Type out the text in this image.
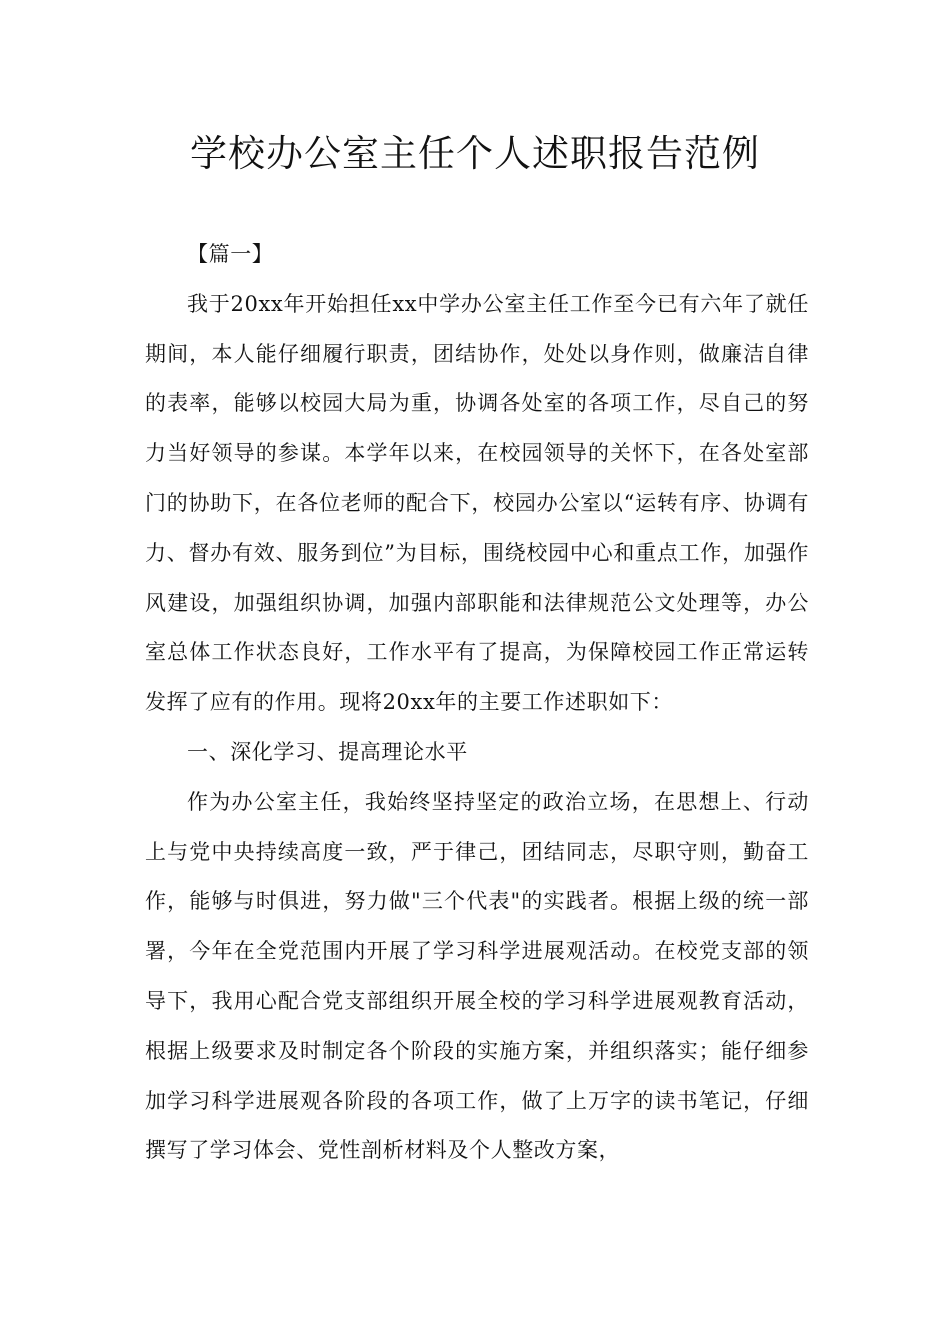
学校办公室主任个人述职报告范例

【篇一】

我于20xx年开始担任xx中学办公室主任工作至今已有六年了就任期间，本人能仔细履行职责，团结协作，处处以身作则，做廉洁自律的表率，能够以校园大局为重，协调各处室的各项工作，尽自己的努力当好领导的参谋。本学年以来，在校园领导的关怀下，在各处室部门的协助下，在各位老师的配合下，校园办公室以“运转有序、协调有力、督办有效、服务到位”为目标，围绕校园中心和重点工作，加强作风建设，加强组织协调，加强内部职能和法律规范公文处理等，办公室总体工作状态良好，工作水平有了提高，为保障校园工作正常运转发挥了应有的作用。现将20xx年的主要工作述职如下：

一、深化学习、提高理论水平

作为办公室主任，我始终坚持坚定的政治立场，在思想上、行动上与党中央持续高度一致，严于律己，团结同志，尽职守则，勤奋工作，能够与时俱进，努力做"三个代表"的实践者。根据上级的统一部署，今年在全党范围内开展了学习科学进展观活动。在校党支部的领导下，我用心配合党支部组织开展全校的学习科学进展观教育活动，根据上级要求及时制定各个阶段的实施方案，并组织落实；能仔细参加学习科学进展观各阶段的各项工作，做了上万字的读书笔记，仔细撰写了学习体会、党性剖析材料及个人整改方案，
